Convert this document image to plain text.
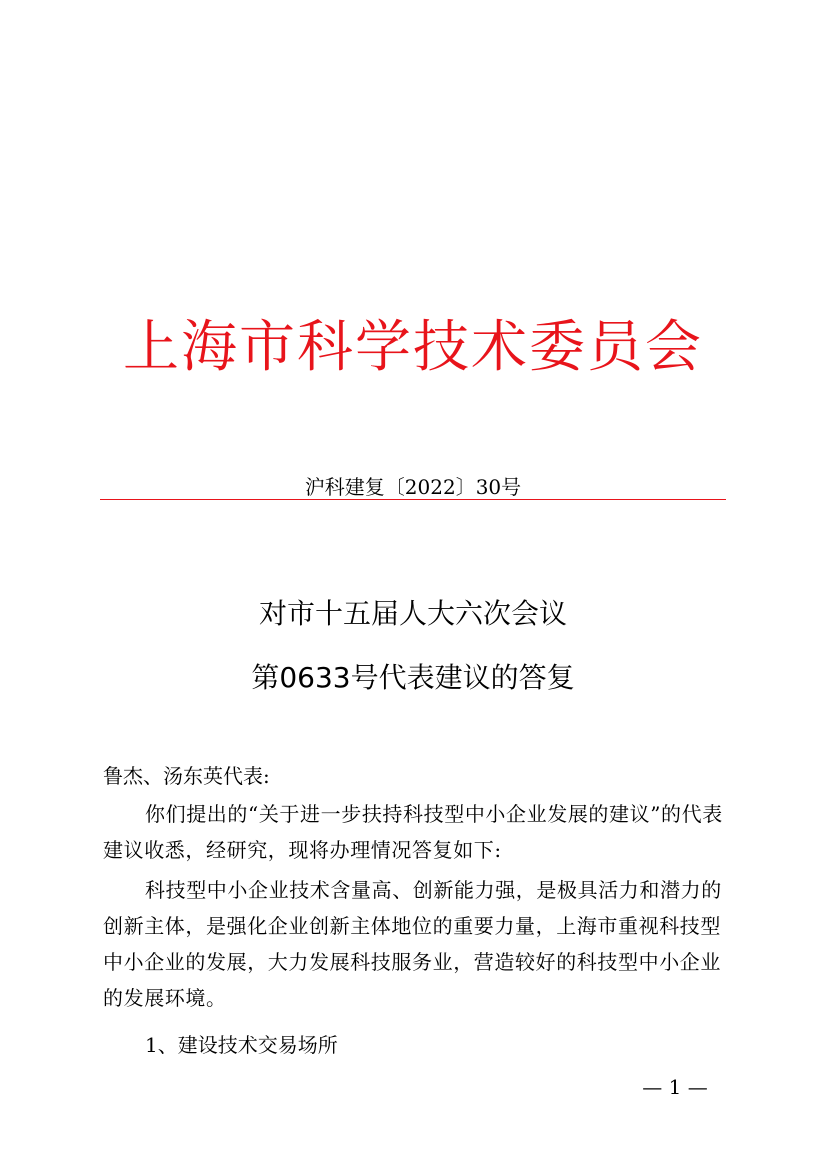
上海市科学技术委员会
沪科建复〔2022〕30号
对市十五届人大六次会议
第0633号代表建议的答复
鲁杰、汤东英代表:
你们提出的“关于进一步扶持科技型中小企业发展的建议”的代表建议收悉，经研究，现将办理情况答复如下:
科技型中小企业技术含量高、创新能力强，是极具活力和潜力的创新主体，是强化企业创新主体地位的重要力量，上海市重视科技型中小企业的发展，大力发展科技服务业，营造较好的科技型中小企业的发展环境。
1、建设技术交易场所
— 1 —
